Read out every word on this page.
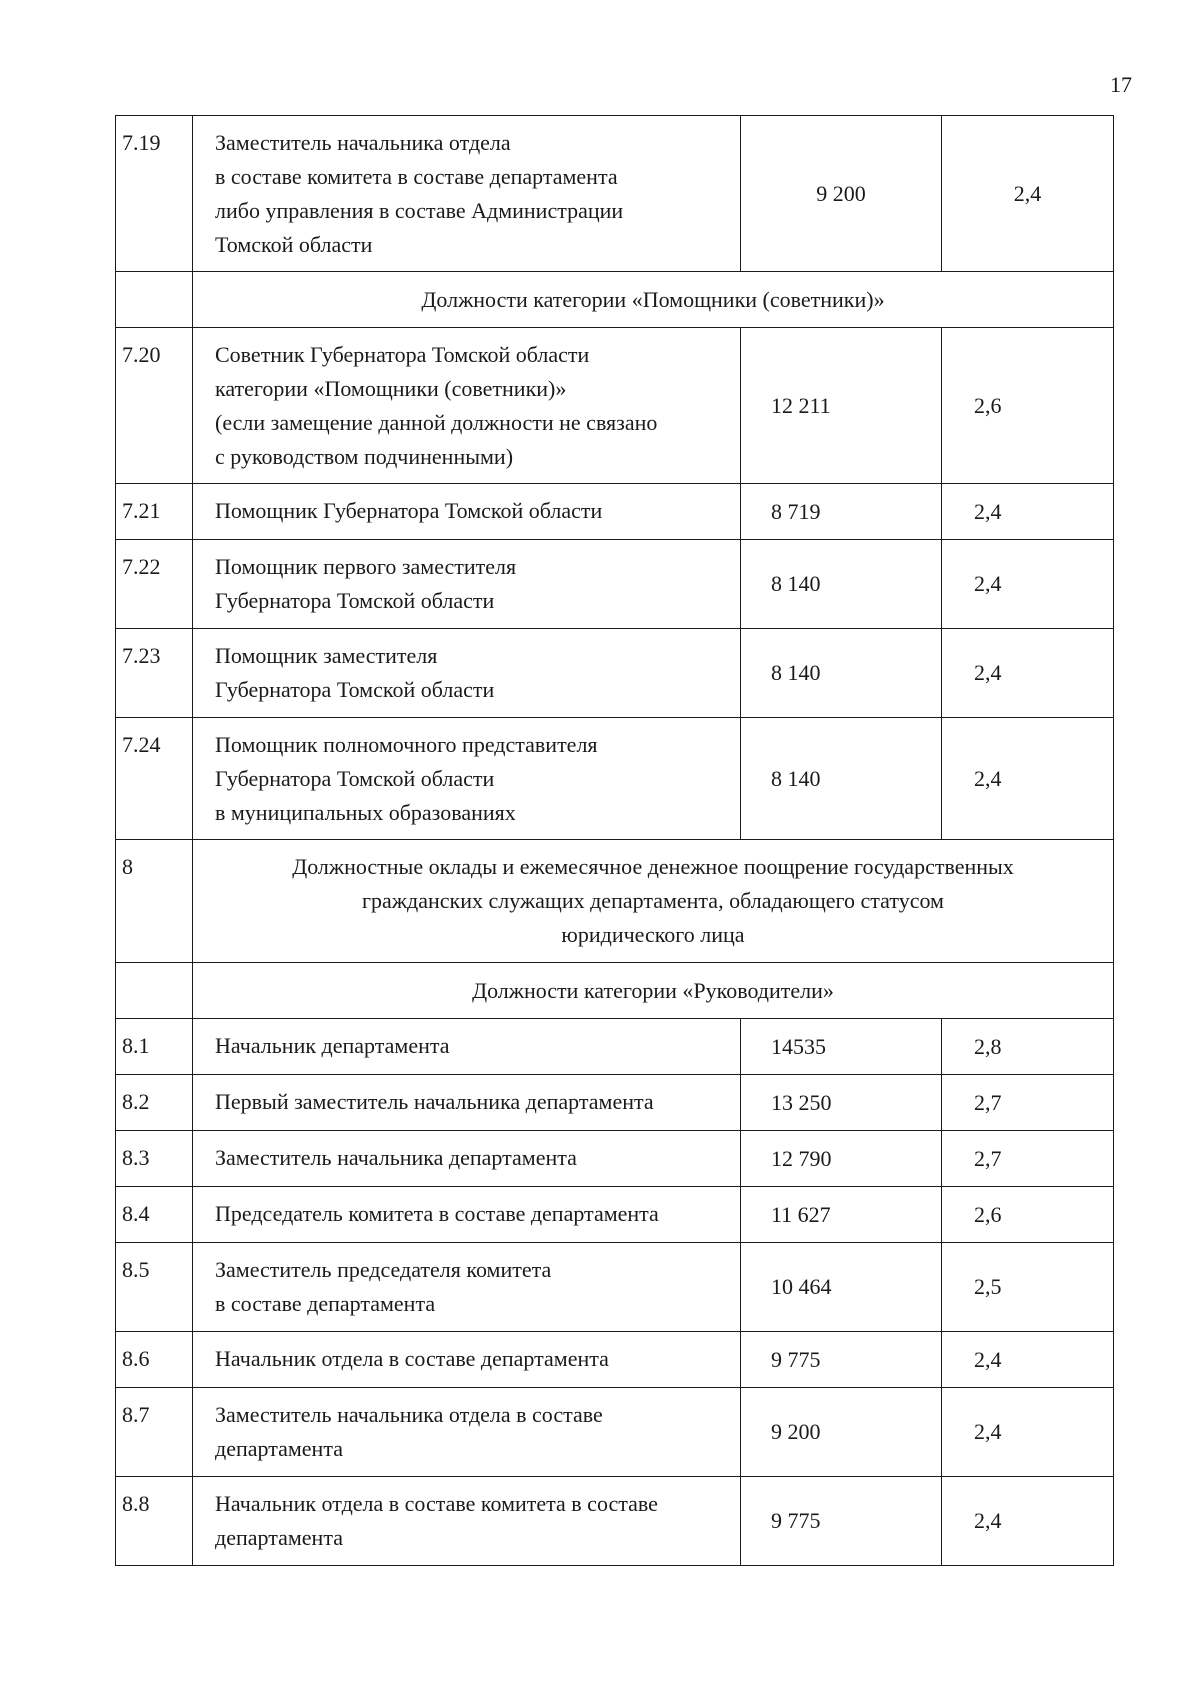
17
7.19	Заместитель начальника отдела
в составе комитета в составе департамента
либо управления в составе Администрации
Томской области	9 200	2,4

	Должности категории «Помощники (советники)»		
7.20	Советник Губернатора Томской области
категории «Помощники (советники)»
(если замещение данной должности не связано
с руководством подчиненными)	12 211	2,6

7.21	Помощник Губернатора Томской области	8 719	2,4

7.22	Помощник первого заместителя
Губернатора Томской области	8 140	2,4

7.23	Помощник заместителя
Губернатора Томской области	8 140	2,4

7.24	Помощник полномочного представителя
Губернатора Томской области
в муниципальных образованиях	8 140	2,4

8	Должностные оклады и ежемесячное денежное поощрение государственных
гражданских служащих департамента, обладающего статусом
юридического лица		

	Должности категории «Руководители»		
8.1	Начальник департамента	14535	2,8

8.2	Первый заместитель начальника департамента	13 250	2,7

8.3	Заместитель начальника департамента	12 790	2,7

8.4	Председатель комитета в составе департамента	11 627	2,6

8.5	Заместитель председателя комитета
в составе департамента	10 464	2,5

8.6	Начальник отдела в составе департамента	9 775	2,4

8.7	Заместитель начальника отдела в составе
департамента	9 200	2,4

8.8	Начальник отдела в составе комитета в составе
департамента	9 775	2,4
